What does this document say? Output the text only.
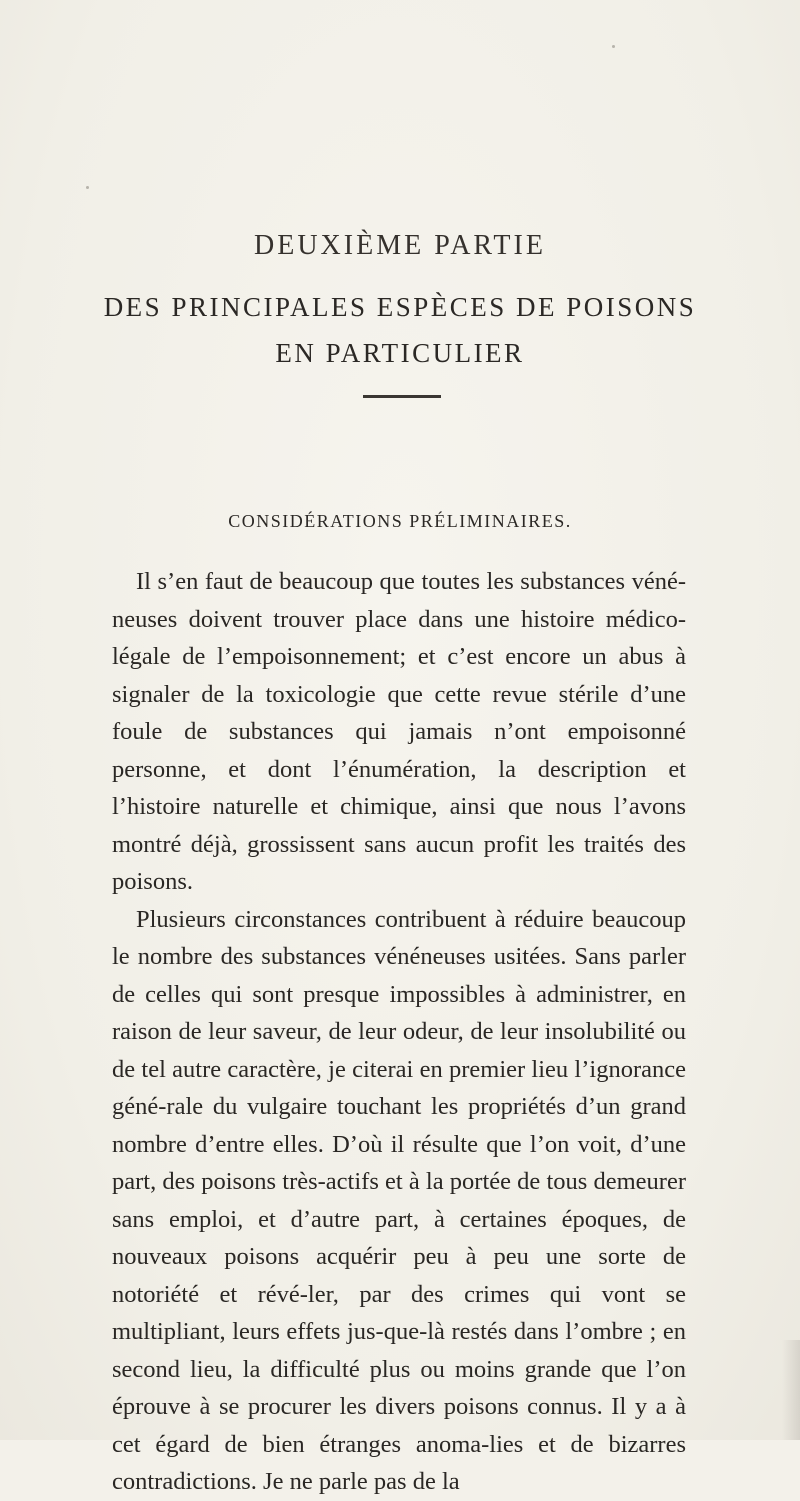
DEUXIÈME PARTIE
DES PRINCIPALES ESPÈCES DE POISONS
EN PARTICULIER
CONSIDÉRATIONS PRÉLIMINAIRES.

Il s’en faut de beaucoup que toutes les substances véné-neuses doivent trouver place dans une histoire médico-légale de l’empoisonnement; et c’est encore un abus à signaler de la toxicologie que cette revue stérile d’une foule de substances qui jamais n’ont empoisonné personne, et dont l’énumération, la description et l’histoire naturelle et chimique, ainsi que nous l’avons montré déjà, grossissent sans aucun profit les traités des poisons.

Plusieurs circonstances contribuent à réduire beaucoup le nombre des substances vénéneuses usitées. Sans parler de celles qui sont presque impossibles à administrer, en raison de leur saveur, de leur odeur, de leur insolubilité ou de tel autre caractère, je citerai en premier lieu l’ignorance géné-rale du vulgaire touchant les propriétés d’un grand nombre d’entre elles. D’où il résulte que l’on voit, d’une part, des poisons très-actifs et à la portée de tous demeurer sans emploi, et d’autre part, à certaines époques, de nouveaux poisons acquérir peu à peu une sorte de notoriété et révé-ler, par des crimes qui vont se multipliant, leurs effets jus-que-là restés dans l’ombre ; en second lieu, la difficulté plus ou moins grande que l’on éprouve à se procurer les divers poisons connus. Il y a à cet égard de bien étranges anoma-lies et de bizarres contradictions. Je ne parle pas de la
